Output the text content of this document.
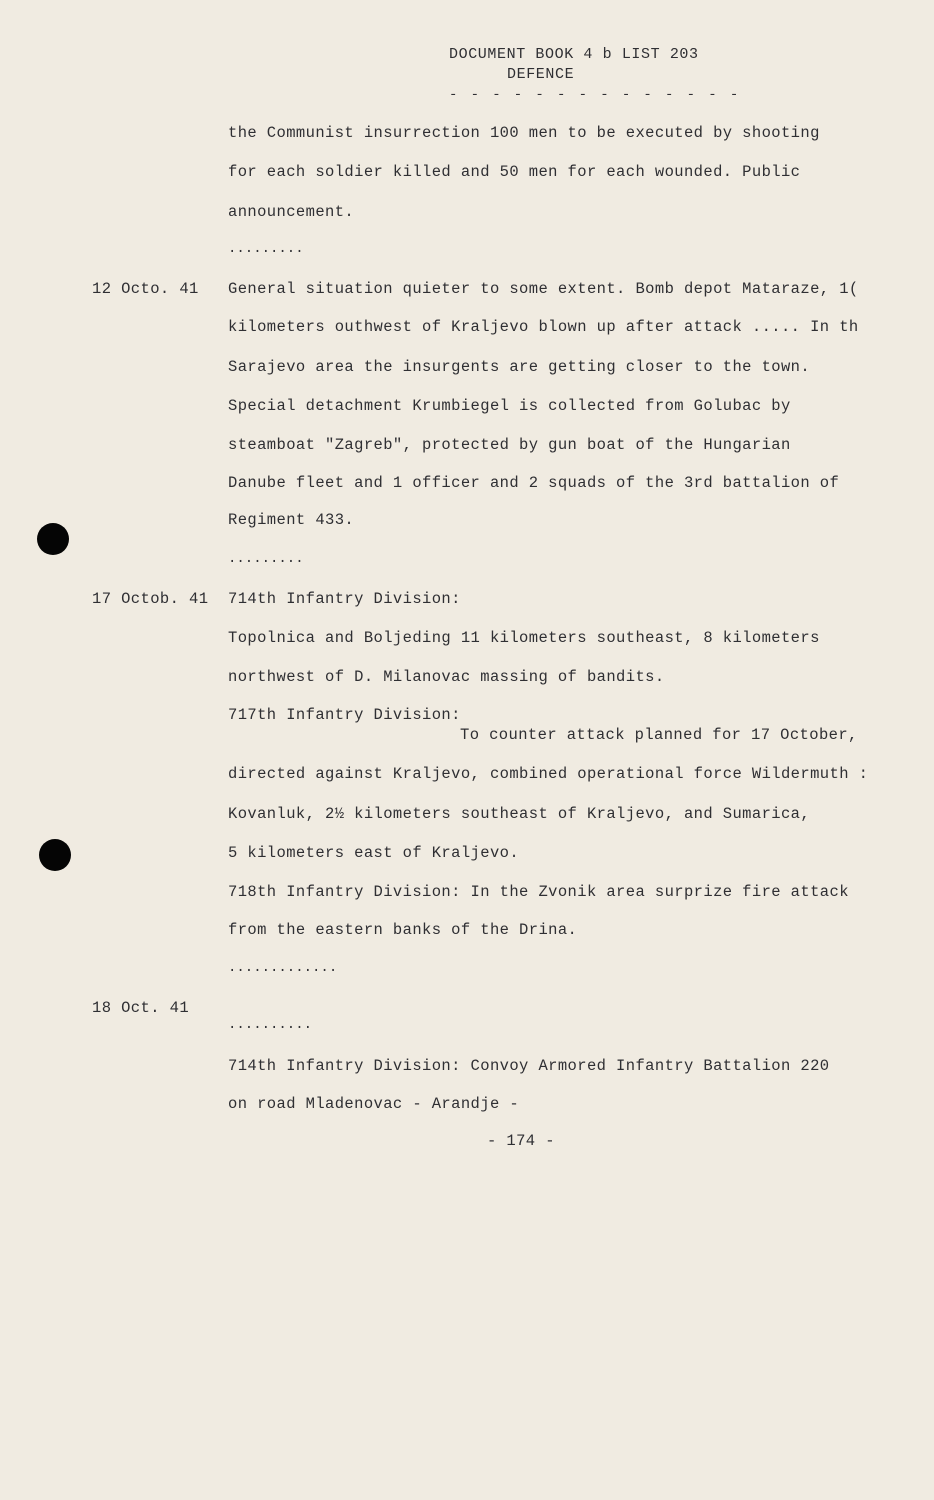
DOCUMENT BOOK 4 b LIST 203
DEFENCE
- - - - - - - - - - - - - -
the Communist insurrection 100 men to be executed by shooting
for each soldier killed and 50 men for each wounded. Public
announcement.
.........
12 Octo. 41 General situation quieter to some extent. Bomb depot Mataraze, 1(
kilometers outhwest of Kraljevo blown up after attack ..... In th
Sarajevo area the insurgents are getting closer to the town.
Special detachment Krumbiegel is collected from Golubac by
steamboat "Zagreb", protected by gun boat of the Hungarian
Danube fleet and 1 officer and 2 squads of the 3rd battalion of
Regiment 433.
.........
17 Octob. 41 714th Infantry Division:
Topolnica and Boljeding 11 kilometers southeast, 8 kilometers
northwest of D. Milanovac massing of bandits.
717th Infantry Division:
To counter attack planned for 17 October,
directed against Kraljevo, combined operational force Wildermuth :
Kovanluk, 2½ kilometers southeast of Kraljevo, and Sumarica,
5 kilometers east of Kraljevo.
718th Infantry Division: In the Zvonik area surprize fire attack
from the eastern banks of the Drina.
.............
18 Oct. 41
..........
714th Infantry Division: Convoy Armored Infantry Battalion 220
on road Mladenovac - Arandje -
- 174 -
